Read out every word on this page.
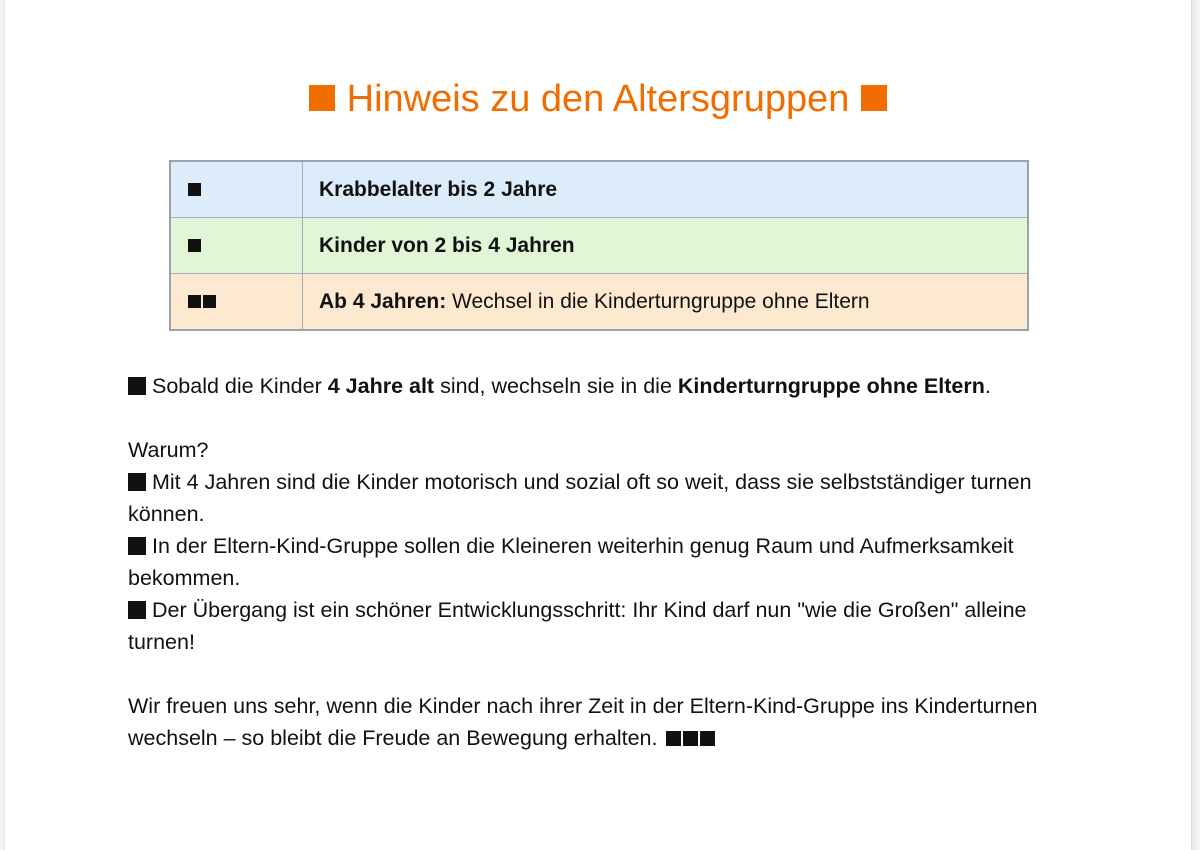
Hinweis zu den Altersgruppen
	Krabbelalter bis 2 Jahre
	Kinder von 2 bis 4 Jahren
	Ab 4 Jahren: Wechsel in die Kinderturngruppe ohne Eltern

Sobald die Kinder 4 Jahre alt sind, wechseln sie in die Kinderturngruppe ohne Eltern.

Warum?

Mit 4 Jahren sind die Kinder motorisch und sozial oft so weit, dass sie selbstständiger turnen können.

In der Eltern-Kind-Gruppe sollen die Kleineren weiterhin genug Raum und Aufmerksamkeit bekommen.

Der Übergang ist ein schöner Entwicklungsschritt: Ihr Kind darf nun "wie die Großen" alleine turnen!

Wir freuen uns sehr, wenn die Kinder nach ihrer Zeit in der Eltern-Kind-Gruppe ins Kinderturnen wechseln – so bleibt die Freude an Bewegung erhalten.
